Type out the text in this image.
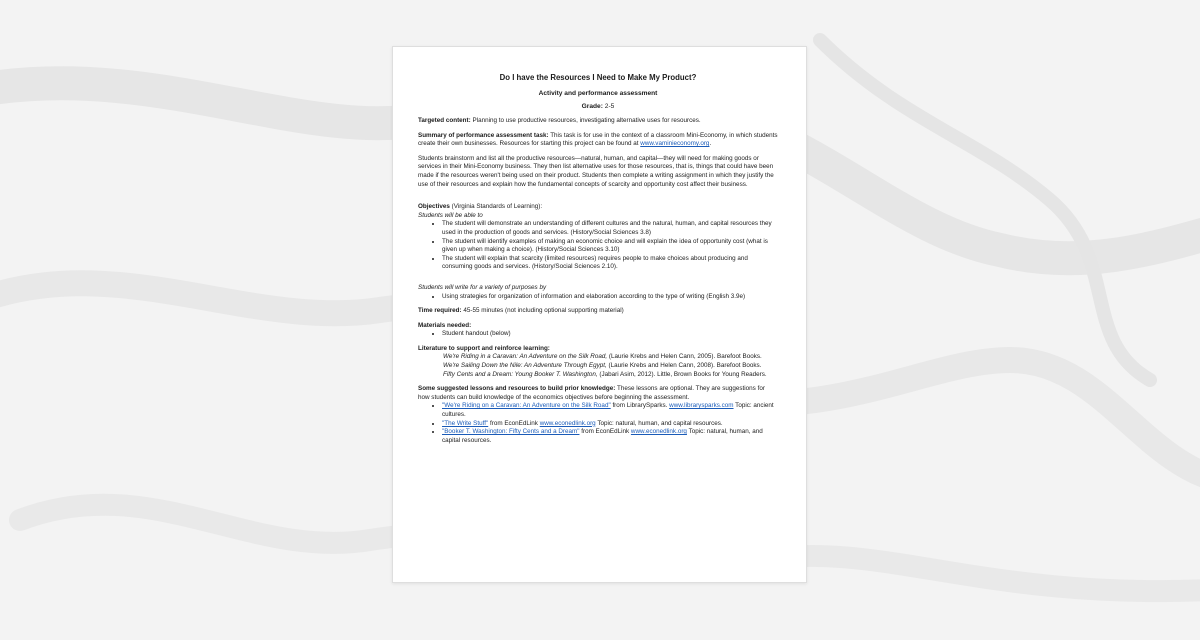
Do I have the Resources I Need to Make My Product?
Activity and performance assessment
Grade: 2-5

Targeted content: Planning to use productive resources, investigating alternative uses for resources.

Summary of performance assessment task: This task is for use in the context of a classroom Mini-Economy, in which students create their own businesses. Resources for starting this project can be found at www.vaminieconomy.org.

Students brainstorm and list all the productive resources—natural, human, and capital—they will need for making goods or services in their Mini-Economy business. They then list alternative uses for those resources, that is, things that could have been made if the resources weren't being used on their product. Students then complete a writing assignment in which they justify the use of their resources and explain how the fundamental concepts of scarcity and opportunity cost affect their business.

Objectives (Virginia Standards of Learning):
Students will be able to
• The student will demonstrate an understanding of different cultures and the natural, human, and capital resources they used in the production of goods and services. (History/Social Sciences 3.8)
• The student will identify examples of making an economic choice and will explain the idea of opportunity cost (what is given up when making a choice). (History/Social Sciences 3.10)
• The student will explain that scarcity (limited resources) requires people to make choices about producing and consuming goods and services. (History/Social Sciences 2.10).
Students will write for a variety of purposes by
• Using strategies for organization of information and elaboration according to the type of writing (English 3.9e)

Time required: 45-55 minutes (not including optional supporting material)

Materials needed:
• Student handout (below)
Literature to support and reinforce learning:
We're Riding in a Caravan: An Adventure on the Silk Road, (Laurie Krebs and Helen Cann, 2005). Barefoot Books.
We're Sailing Down the Nile: An Adventure Through Egypt, (Laurie Krebs and Helen Cann, 2008). Barefoot Books.
Fifty Cents and a Dream: Young Booker T. Washington, (Jabari Asim, 2012). Little, Brown Books for Young Readers.
Some suggested lessons and resources to build prior knowledge: These lessons are optional. They are suggestions for how students can build knowledge of the economics objectives before beginning the assessment.
• "We're Riding on a Caravan: An Adventure on the Silk Road" from LibrarySparks. www.librarysparks.com Topic: ancient cultures.
• "The Write Stuff" from EconEdLink www.econedlink.org Topic: natural, human, and capital resources.
• "Booker T. Washington: Fifty Cents and a Dream" from EconEdLink www.econedlink.org Topic: natural, human, and capital resources.
